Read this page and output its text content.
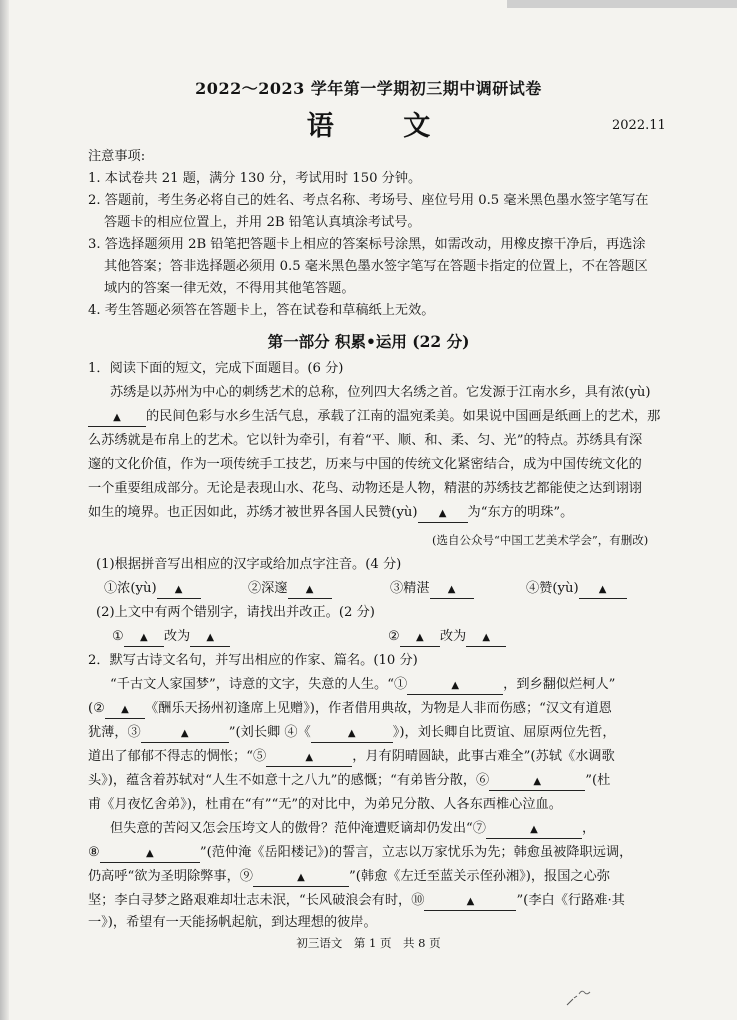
2022～2023 学年第一学期初三期中调研试卷
语 文	2022.11
注意事项:
1. 本试卷共 21 题，满分 130 分，考试用时 150 分钟。
2. 答题前，考生务必将自己的姓名、考点名称、考场号、座位号用 0.5 毫米黑色墨水签字笔写在
答题卡的相应位置上，并用 2B 铅笔认真填涂考试号。
3. 答选择题须用 2B 铅笔把答题卡上相应的答案标号涂黑，如需改动，用橡皮擦干净后，再选涂
其他答案；答非选择题必须用 0.5 毫米黑色墨水签字笔写在答题卡指定的位置上，不在答题区
域内的答案一律无效，不得用其他笔答题。
4. 考生答题必须答在答题卡上，答在试卷和草稿纸上无效。
第一部分 积累•运用 (22 分)
1．阅读下面的短文，完成下面题目。(6 分)
苏绣是以苏州为中心的刺绣艺术的总称，位列四大名绣之首。它发源于江南水乡，具有浓(yù)
▲ 的民间色彩与水乡生活气息，承载了江南的温宛柔美。如果说中国画是纸画上的艺术，那
么苏绣就是布帛上的艺术。它以针为牵引，有着“平、顺、和、柔、匀、光”的特点。苏绣具有深
邃的文化价值，作为一项传统手工技艺，历来与中国的传统文化紧密结合，成为中国传统文化的
一个重要组成部分。无论是表现山水、花鸟、动物还是人物，精湛的苏绣技艺都能使之达到诩诩
如生的境界。也正因如此，苏绣才被世界各国人民赞(yù) ▲ 为“东方的明珠”。
(选自公众号“中国工艺美术学会”，有删改)
(1)根据拼音写出相应的汉字或给加点字注音。(4 分)
①浓(yù) ▲	②深邃 ▲	③精湛 ▲	④赞(yù) ▲
(2)上文中有两个错别字，请找出并改正。(2 分)
① ▲ 改为 ▲	② ▲ 改为 ▲
2．默写古诗文名句，并写出相应的作家、篇名。(10 分)
“千古文人家国梦”，诗意的文字，失意的人生。“①	▲	，到乡翻似烂柯人”
(② ▲ 《酬乐天扬州初逢席上见赠》)，作者借用典故，为物是人非而伤感；“汉文有道恩
犹薄，③	▲	”(刘长卿 ④《	▲	》)，刘长卿自比贾谊、屈原两位先哲，
道出了郁郁不得志的惆怅；“⑤	▲	，月有阴晴圆缺，此事古难全”(苏轼《水调歌
头》)，蕴含着苏轼对“人生不如意十之八九”的感慨；“有弟皆分散，⑥	▲	”(杜
甫《月夜忆舍弟》)，杜甫在“有”“无”的对比中，为弟兄分散、人各东西椎心泣血。
但失意的苦闷又怎会压垮文人的傲骨？范仲淹遭贬谪却仍发出“⑦	▲	，
⑧	▲	”(范仲淹《岳阳楼记》)的誓言，立志以万家忧乐为先；韩愈虽被降职远调，
仍高呼“欲为圣明除弊事，⑨	▲	”(韩愈《左迁至蓝关示侄孙湘》)，报国之心弥
坚；李白寻梦之路艰难却壮志未泯，“长风破浪会有时，⑩	▲	”(李白《行路难·其
一》)，希望有一天能扬帆起航，到达理想的彼岸。
初三语文　第 1 页　共 8 页
